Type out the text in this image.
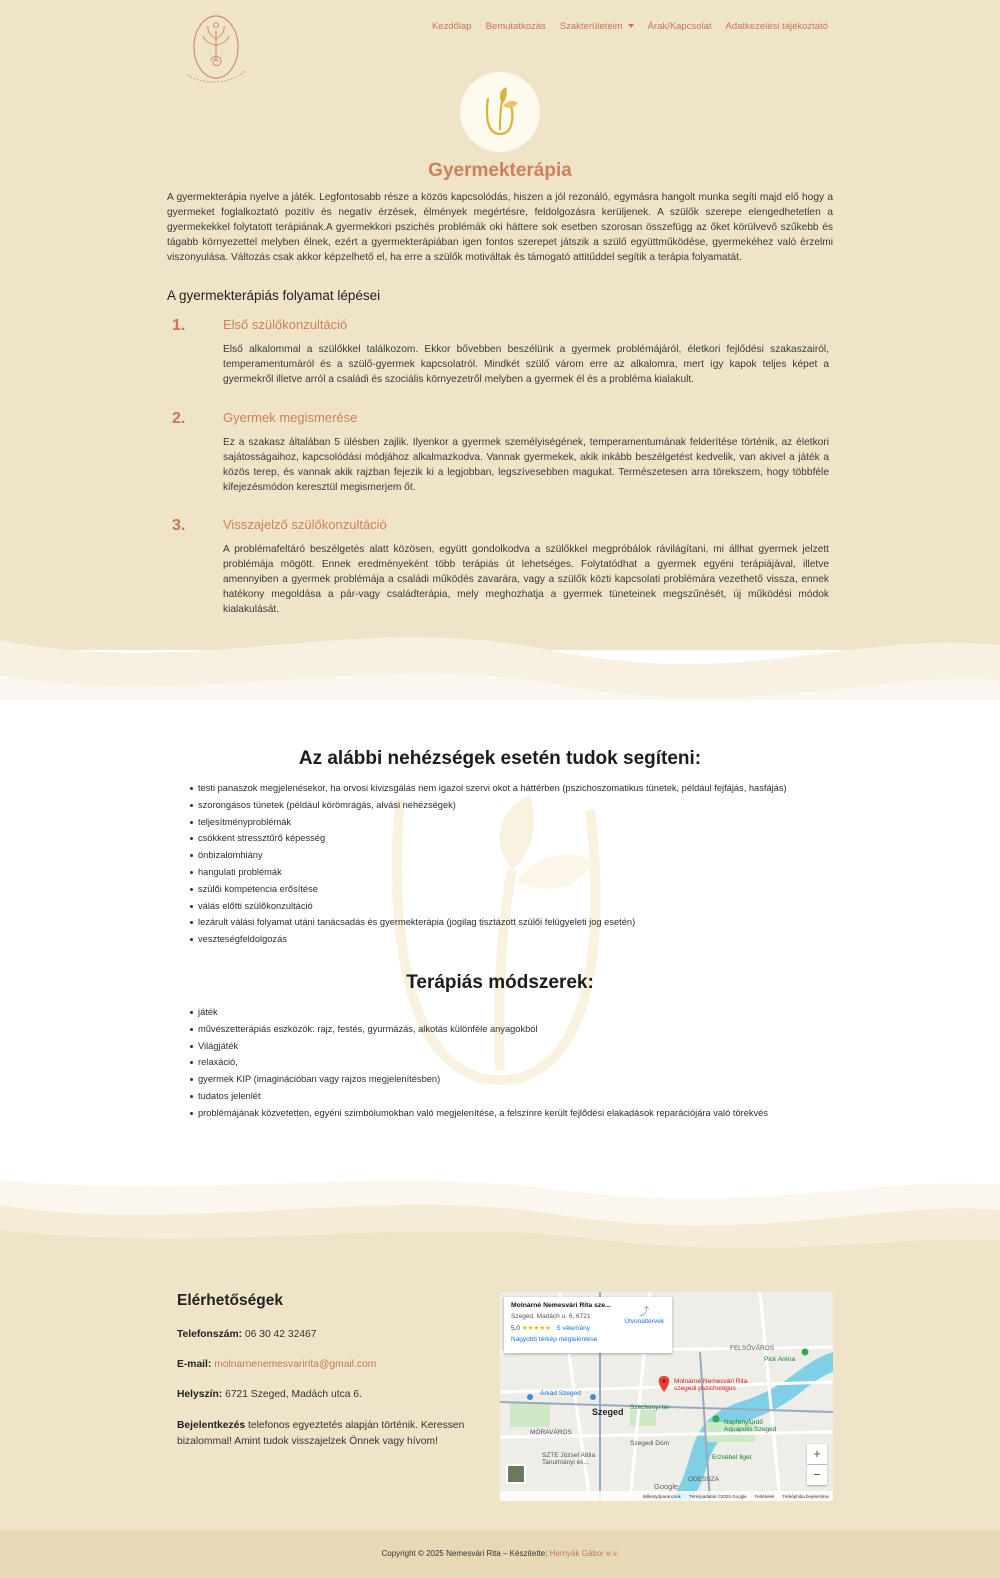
Kezdőlap Bemutatkozás Szakterületeim	Árak/Kapcsolat Adatkezelési tájékoztató
Gyermekterápia

A gyermekterápia nyelve a játék. Legfontosabb része a közös kapcsolódás, hiszen a jól rezonáló, egymásra hangolt munka segíti majd elő hogy a gyermeket foglalkoztató pozitív és negatív érzések, élmények megértésre, feldolgozásra kerüljenek. A szülők szerepe elengedhetetlen a gyermekekkel folytatott terápiának.A gyermekkori pszichés problémák oki háttere sok esetben szorosan összefügg az őket körülvevő szűkebb és tágabb környezettel melyben élnek, ezért a gyermekterápiában igen fontos szerepet játszik a szülő együttműködése, gyermekéhez való érzelmi viszonyulása. Változás csak akkor képzelhető el, ha erre a szülők motiváltak és támogató attitűddel segítik a terápia folyamatát.

A gyermekterápiás folyamat lépései
1.	Első szülőkonzultáció

Első alkalommal a szülőkkel találkozom. Ekkor bővebben beszélünk a gyermek problémájáról, életkori fejlődési szakaszairól, temperamentumáról és a szülő-gyermek kapcsolatról. Mindkét szülő várom erre az alkalomra, mert így kapok teljes képet a gyermekről illetve arról a családi és szociális környezetről melyben a gyermek él és a probléma kialakult.

2.	Gyermek megismerése

Ez a szakasz általában 5 ülésben zajlik. Ilyenkor a gyermek személyiségének, temperamentumának felderítése történik, az életkori sajátosságaihoz, kapcsolódási módjához alkalmazkodva. Vannak gyermekek, akik inkább beszélgetést kedvelik, van akivel a játék a közös terep, és vannak akik rajzban fejezik ki a legjobban, legszívesebben magukat. Természetesen arra törekszem, hogy többféle kifejezésmódon keresztül megismerjem őt.

3.	Visszajelző szülőkonzultáció

A problémafeltáró beszélgetés alatt közösen, együtt gondolkodva a szülőkkel megpróbálok rávilágítani, mi állhat gyermek jelzett problémája mögött. Ennek eredményeként több terápiás út lehetséges. Folytatódhat a gyermek egyéni terápiájával, illetve amennyiben a gyermek problémája a családi működés zavarára, vagy a szülők közti kapcsolati problémára vezethető vissza, ennek hatékony megoldása a pár-vagy családterápia, mely meghozhatja a gyermek tüneteinek megszűnését, új működési módok kialakulását.

Az alábbi nehézségek esetén tudok segíteni:
testi panaszok megjelenésekor, ha orvosi kivizsgálás nem igazol szervi okot a háttérben (pszichoszomatikus tünetek, például fejfájás, hasfájás)
szorongásos tünetek (például körömrágás, alvási nehézségek)
teljesítményproblémák
csökkent stressztűrő képesség
önbizalomhiány
hangulati problémák
szülői kompetencia erősítése
válás előtti szülőkonzultáció
lezárult válási folyamat utáni tanácsadás és gyermekterápia (jogilag tisztázott szülői felügyeleti jog esetén)
veszteségfeldolgozás
Terápiás módszerek:
játék
művészetterápiás eszközök: rajz, festés, gyurmázás, alkotás különféle anyagokból
Világjáték
relaxáció,
gyermek KIP (imaginációban vagy rajzos megjelenítésben)
tudatos jelenlét
problémájának közvetetten, egyéni szimbólumokban való megjelenítése, a felszínre került fejlődési elakadások reparációjára való törekvés
Elérhetőségek
Telefonszám: 06 30 42 32467
E-mail: molnarnenemesvaririta@gmail.com
Helyszín: 6721 Szeged, Madách utca 6.
Bejelentkezés telefonos egyeztetés alapján történik. Keressen
bizalommal! Amint tudok visszajelzek Önnek vagy hívom!
Molnárné Nemesvári Rita
szegedi pszichológus
Szeged
FELSŐVÁROS
Pick Aréna
Árkád Szeged
Széchenyi tér
MÓRAVÁROS
Napfényfürdő Aquapolis Szeged
Szegedi Dóm
SZTE József Attila Tanulmányi és...
Erzsébet liget
ODESSZA
Google
Molnárné Nemesvári Rita sze...
Szeged, Madách u. 6, 6721
5,0 ★★★★★ 5 vélemény
Nagyobb térkép megtekintése
⤴
Útvonaltervek
+
−
Billentyűparancsok Térképadatok ©2025 Google Feltételek Térképhiba bejelentése
Copyright © 2025 Nemesvári Rita – Készítette: Hernyák Gábor e.v.
